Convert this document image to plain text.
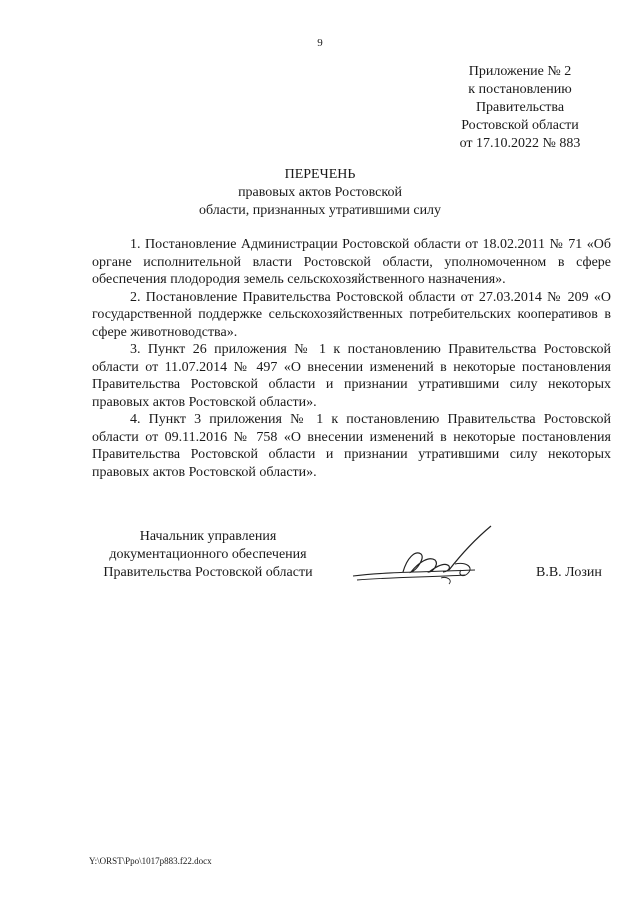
9
Приложение № 2
к постановлению
Правительства
Ростовской области
от 17.10.2022 № 883
ПЕРЕЧЕНЬ
правовых актов Ростовской
области, признанных утратившими силу

1. Постановление Администрации Ростовской области от 18.02.2011 № 71 «Об органе исполнительной власти Ростовской области, уполномоченном в сфере обеспечения плодородия земель сельскохозяйственного назначения».

2. Постановление Правительства Ростовской области от 27.03.2014 № 209 «О государственной поддержке сельскохозяйственных потребительских кооперативов в сфере животноводства».

3. Пункт 26 приложения № 1 к постановлению Правительства Ростовской области от 11.07.2014 № 497 «О внесении изменений в некоторые постановления Правительства Ростовской области и признании утратившими силу некоторых правовых актов Ростовской области».

4. Пункт 3 приложения № 1 к постановлению Правительства Ростовской области от 09.11.2016 № 758 «О внесении изменений в некоторые постановления Правительства Ростовской области и признании утратившими силу некоторых правовых актов Ростовской области».

Начальник управления
документационного обеспечения
Правительства Ростовской области	В.В. Лозин
Y:\ORST\Ppo\1017p883.f22.docx
